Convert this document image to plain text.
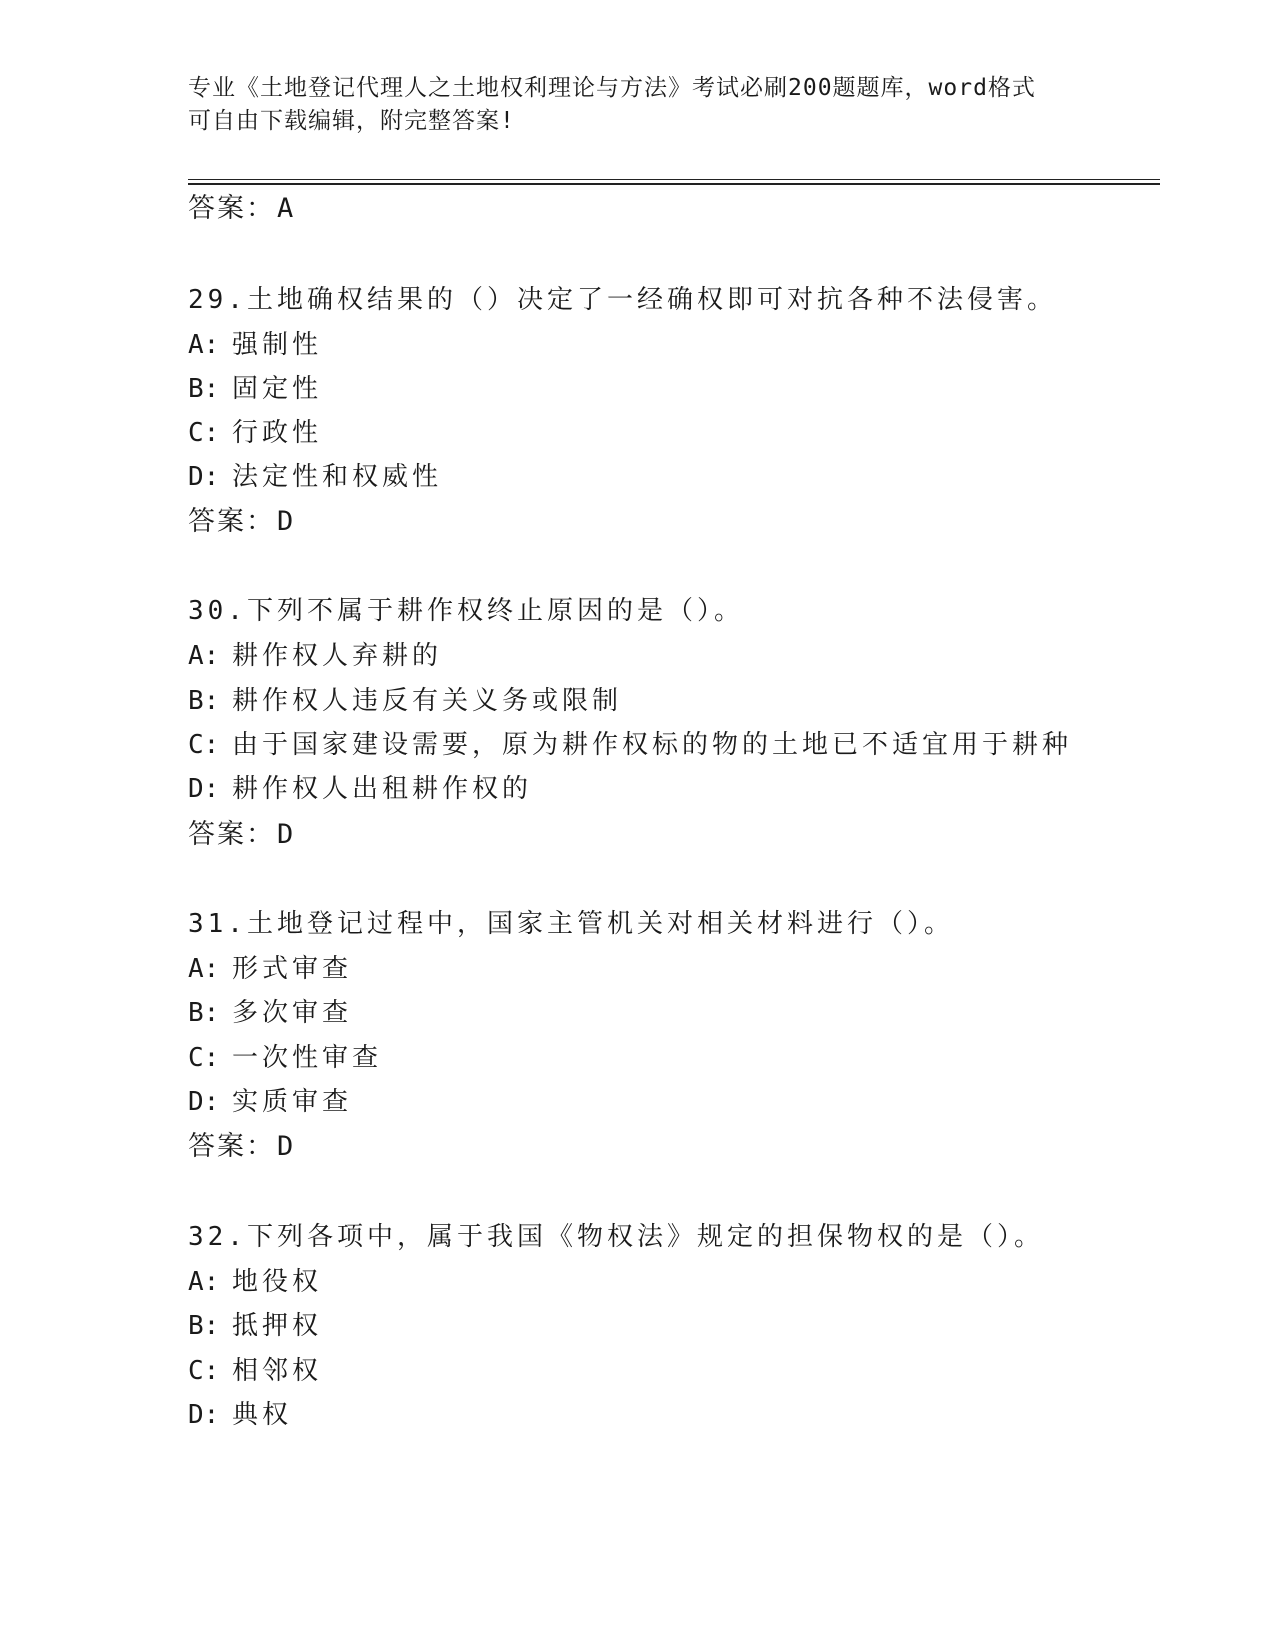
专业《土地登记代理人之土地权利理论与方法》考试必刷200题题库，word格式
可自由下载编辑，附完整答案!
答案：A
29.土地确权结果的（）决定了一经确权即可对抗各种不法侵害。
A: 强制性
B: 固定性
C: 行政性
D: 法定性和权威性
答案：D
30.下列不属于耕作权终止原因的是（）。
A: 耕作权人弃耕的
B: 耕作权人违反有关义务或限制
C: 由于国家建设需要，原为耕作权标的物的土地已不适宜用于耕种
D: 耕作权人出租耕作权的
答案：D
31.土地登记过程中，国家主管机关对相关材料进行（）。
A: 形式审查
B: 多次审查
C: 一次性审查
D: 实质审查
答案：D
32.下列各项中，属于我国《物权法》规定的担保物权的是（）。
A: 地役权
B: 抵押权
C: 相邻权
D: 典权
